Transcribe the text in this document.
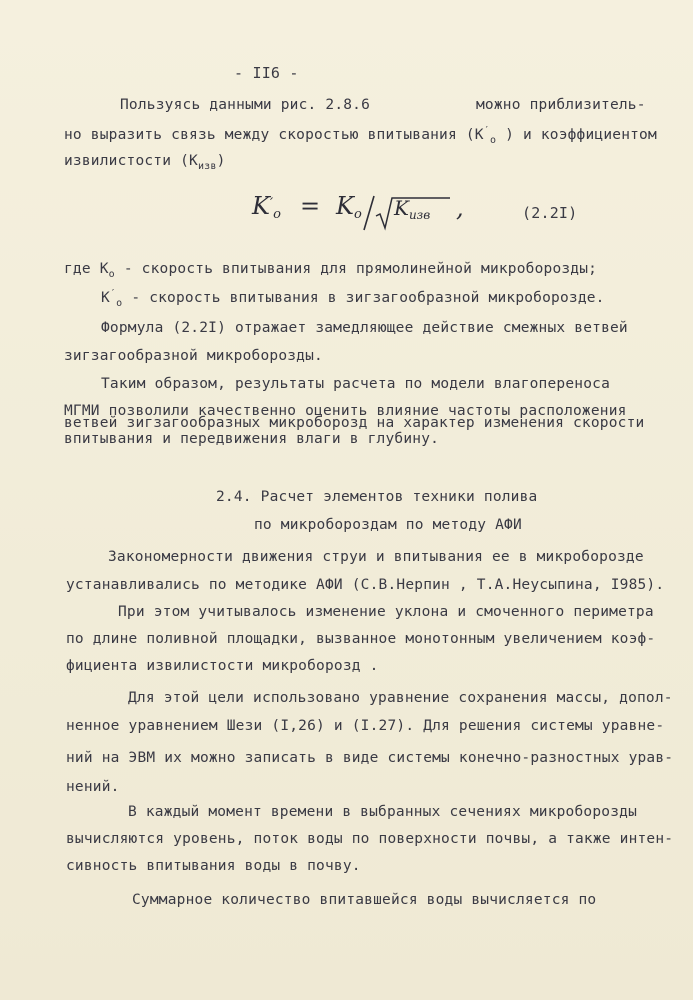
- II6 -
Пользуясь данными рис. 2.8.6	можно приблизитель-
но выразить связь между скоростью впитывания ($K'_o$ ) и коэффициентом
извилистости $(K_{изв})$
$K'_o = K_o$ $K_{изв}$ ,	(2.2I)
где $K_o$ - скорость впитывания для прямолинейной микроборозды;
$K'_o$ - скорость впитывания в зигзагообразной микроборозде.
Формула (2.2I) отражает замедляющее действие смежных ветвей
зигзагообразной микроборозды.
Таким образом, результаты расчета по модели влагопереноса
МГМИ позволили качественно оценить влияние частоты расположения
ветвей зигзагообразных микроборозд на характер изменения скорости
впитывания и передвижения влаги в глубину.
2.4. Расчет элементов техники полива
по микробороздам по методу АФИ
Закономерности движения струи и впитывания ее в микроборозде
устанавливались по методике АФИ (С.В.Нерпин , Т.А.Неусыпина, I985).
При этом учитывалось изменение уклона и смоченного периметра
по длине поливной площадки, вызванное монотонным увеличением коэф-
фициента извилистости микроборозд .
Для этой цели использовано уравнение сохранения массы, допол-
ненное уравнением Шези (I,26) и (I.27). Для решения системы уравне-
ний на ЭВМ их можно записать в виде системы конечно-разностных урав-
нений.
В каждый момент времени в выбранных сечениях микроборозды
вычисляются уровень, поток воды по поверхности почвы, а также интен-
сивность впитывания воды в почву.
Суммарное количество впитавшейся воды вычисляется по
